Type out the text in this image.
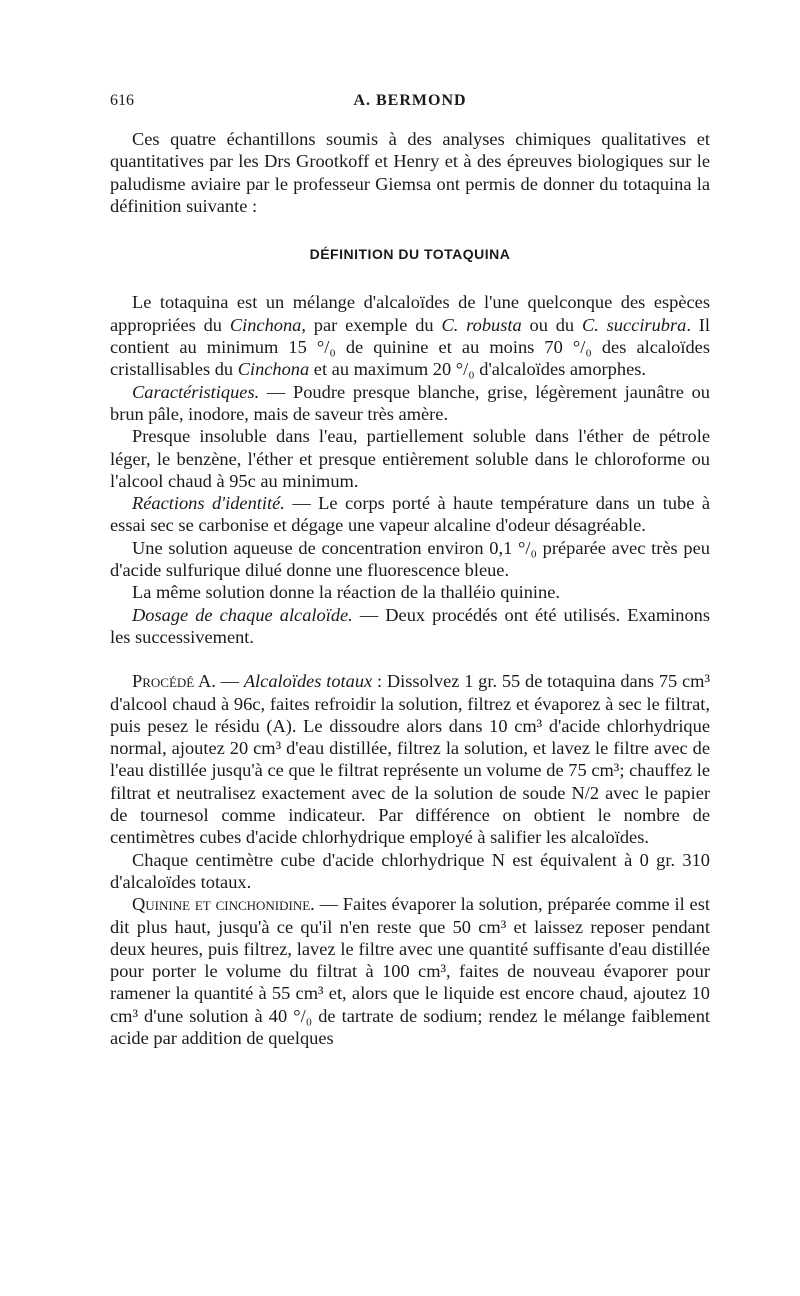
616	A. BERMOND

Ces quatre échantillons soumis à des analyses chimiques qualitatives et quantitatives par les Drs Grootkoff et Henry et à des épreuves biologiques sur le paludisme aviaire par le professeur Giemsa ont permis de donner du totaquina la définition suivante :

DÉFINITION DU TOTAQUINA

Le totaquina est un mélange d'alcaloïdes de l'une quelconque des espèces appropriées du Cinchona, par exemple du C. robusta ou du C. succirubra. Il contient au minimum 15 °/₀ de quinine et au moins 70 °/₀ des alcaloïdes cristallisables du Cinchona et au maximum 20 °/₀ d'alcaloïdes amorphes.

Caractéristiques. — Poudre presque blanche, grise, légèrement jaunâtre ou brun pâle, inodore, mais de saveur très amère.

Presque insoluble dans l'eau, partiellement soluble dans l'éther de pétrole léger, le benzène, l'éther et presque entièrement soluble dans le chloroforme ou l'alcool chaud à 95c au minimum.

Réactions d'identité. — Le corps porté à haute température dans un tube à essai sec se carbonise et dégage une vapeur alcaline d'odeur désagréable.

Une solution aqueuse de concentration environ 0,1 °/₀ préparée avec très peu d'acide sulfurique dilué donne une fluorescence bleue.

La même solution donne la réaction de la thalléio quinine.

Dosage de chaque alcaloïde. — Deux procédés ont été utilisés. Examinons les successivement.

Procédé A. — Alcaloïdes totaux : Dissolvez 1 gr. 55 de totaquina dans 75 cm³ d'alcool chaud à 96c, faites refroidir la solution, filtrez et évaporez à sec le filtrat, puis pesez le résidu (A). Le dissoudre alors dans 10 cm³ d'acide chlorhydrique normal, ajoutez 20 cm³ d'eau distillée, filtrez la solution, et lavez le filtre avec de l'eau distillée jusqu'à ce que le filtrat représente un volume de 75 cm³; chauffez le filtrat et neutralisez exactement avec de la solution de soude N/2 avec le papier de tournesol comme indicateur. Par différence on obtient le nombre de centimètres cubes d'acide chlorhydrique employé à salifier les alcaloïdes.

Chaque centimètre cube d'acide chlorhydrique N est équivalent à 0 gr. 310 d'alcaloïdes totaux.

Quinine et cinchonidine. — Faites évaporer la solution, préparée comme il est dit plus haut, jusqu'à ce qu'il n'en reste que 50 cm³ et laissez reposer pendant deux heures, puis filtrez, lavez le filtre avec une quantité suffisante d'eau distillée pour porter le volume du filtrat à 100 cm³, faites de nouveau évaporer pour ramener la quantité à 55 cm³ et, alors que le liquide est encore chaud, ajoutez 10 cm³ d'une solution à 40 °/₀ de tartrate de sodium; rendez le mélange faiblement acide par addition de quelques
